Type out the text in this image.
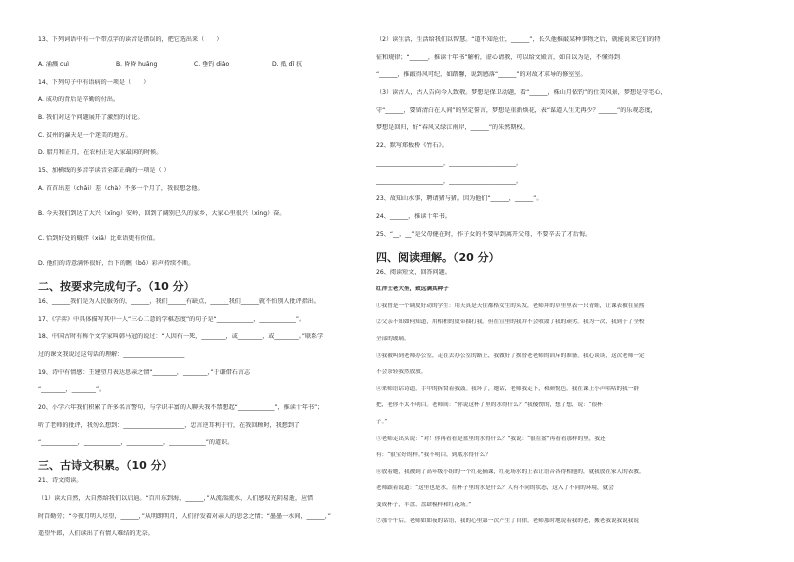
13、下列词语中有一个带点字的读音是错误的，把它选出来（　　）
A. 涌溅 cuì	B. 昏昏 huāng	C. 垂钓 diào	D. 抵 dǐ 抗
14、下列句子中有语病的一项是（　　）
A. 成功的背后是辛勤的付出。
B. 我们对这个问题展开了激烈的讨论。
C. 贫州的瀑天是一个迷美的地方。
D. 腊月和正月，在农村正是大家最闲的时候。
15、加横线的多音字读音全部正确的一项是（ ）
A. 首首出差（chāi）差（chà）不多一个月了，我很想念他。
B. 今天我们到达了大兴（xīng）安岭，回到了阔别已久的家乡，大家心里很兴（xìng）奋。
C. 恰到好处的蛾伴（xiā）比亚语更有价值。
D. 他们的诗意满怀很好，台下的瞧（bō）彩声持续不断。
二、按要求完成句子。（10 分）
16、______我们是为人民服务的，______，我们______有缺点，______我们______就不怕别人批评指出。
17、《学弈》中具体描写其中一人“三心二意的学棋态度”的句子是“____________，____________”。
18、中国古时有称个文学家叫韩马冠的说过：“人因有一死，________，或________，或________。”联系学
过的课文我说过这句话的理解：____________________
19、诗中有情感：王建望月表达思亲之情“________，________，”于谦借石言志
“________，________”。
20、小学六年我们积累了许多名言警句，与学识丰富的人聊天我不禁想起“____________”，推读十年书”；
听了老师的批评，我勿么想到：____________________，忠言逆耳利于行，在我回顾时，我想到了
“____________，____________，____________，____________”的道识。
三、古诗文积累。（10 分）
21、诗文阅读。
（1）读大自然，大自然给我们以启迪。“百川东到海，______，”从流湍流水，人们感叹光阴易逝，应惜
时百勤劳；“今夜月明人尽望，______，”从明朗明月，人们抒发着对亲人的思念之情；“墨墨一水间，______，”
遥望牛郎，人们读出了有情人难结的无奈。
（2）读生活，生活给我们以智慧。“道不知危仕，______”，长久他推敲某种事物之后，就能说来它们的特
征和规律；“______，推读十年书”解析，虚心请教，可以给文殿言，如自以为是，不懂得到
“______，推敲得风可纪，如踏馨，说到感落“______”的对故才求导的修室室。
（3）读古人，古人告向今人致敬。梦想是保卫动题，看“______，株山月依钓”的仕美风景，梦想是守宅心，
守“______，要留清白在人间”的坚定誓言，梦想是重新焕花，表“谋道人生无再少？______”的乐观态度，
梦想是回归，好“春风又绿江南岸，______”的朱然期权。
22、默写郑板桥《竹石》。
______________________，______________________。
______________________，______________________。
23、故知山水事，聘请猪与猪。因为他们“______，______”。
24、______，推读十年书。
25、“__，__”是父母健在时，作子女的不要早到离开父母，不要辛去了才后悔。
四、阅读理解。（20 分）
26、阅读短文，回答问题。
红洋士老大坐，致远满其种子
①我曾是一个调皮好动的学生：用天真是天住都格女生的头发，老师拜的草里里表一只青蛙，让课表被在显熙
②父亲不知如何知道，用相柏的皮带抽打我。但在宣里的我并不会收敛了我的顽劣。我为一次，我到于了全校
全部的玻璃。
③我被叫到老师办公室，走在去办公室的路上，我做好了挨替老老师的训斥的准备。我心谈谈，这次老师一定
不会奈轻我然放放。
④来师语话诗道，手中的拆窝着我鼓。我坏了，她话，老师我走下，和颜悦色。我在课上小声咕咕的我一群
把，老你不太不明白。老师间：“你说这杯了里的水得什么？”我傻愣的，想了想，说：“很杯
子。”
⑤老师走出头说：“对！你再看看是盆里的水得什么？”我说：“很在盆”再看看那样的里，我还
有：“很宝好的样。”我不明白，到底水得什么？
⑥放着她，我被到了高年级小组的一个红花摘课，红花场水的上表让语音各得相他的，就我放在家人的表教。
老师跟着说道：“这里也是水，在杯子里的水是什么？人有不同的状态，这入了不同的环境，就会
变成杯子，半盘、盘肆模样和红花场。”
⑦那个午后，老师如如夜的话语，我的心里第一次产生了自律。老师那时地说着我的老，搬老我说我说我说
